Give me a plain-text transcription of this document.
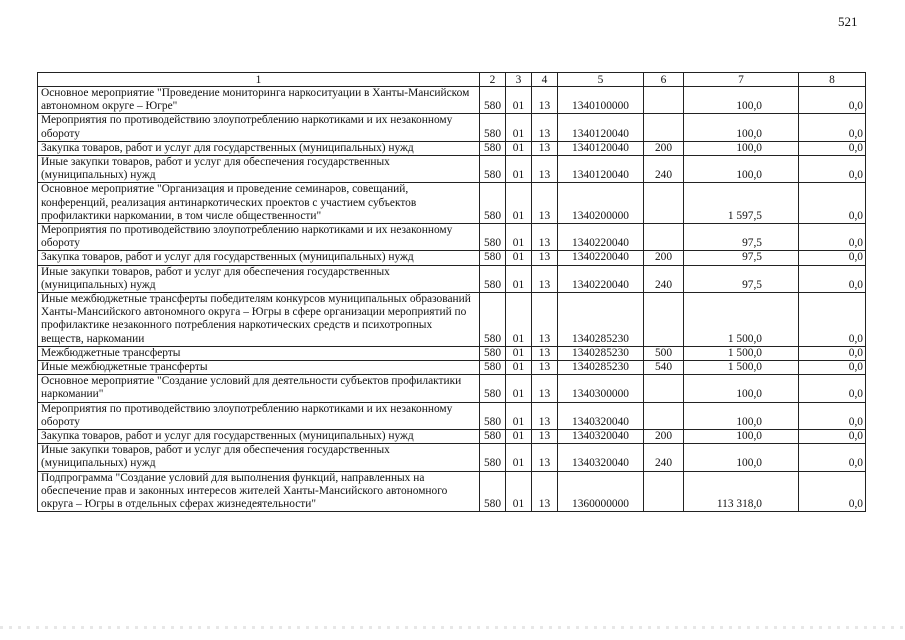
521
1	2	3	4	5	6	7	8
Основное мероприятие "Проведение мониторинга наркоситуации в Ханты-Мансийском автономном округе – Югре"	580	01	13	1340100000		100,0	0,0
Мероприятия по противодействию злоупотреблению наркотиками и их незаконному обороту	580	01	13	1340120040		100,0	0,0
Закупка товаров, работ и услуг для государственных (муниципальных) нужд	580	01	13	1340120040	200	100,0	0,0
Иные закупки товаров, работ и услуг для обеспечения государственных (муниципальных) нужд	580	01	13	1340120040	240	100,0	0,0
Основное мероприятие "Организация и проведение семинаров, совещаний, конференций, реализация антинаркотических проектов с участием субъектов профилактики наркомании, в том числе общественности"	580	01	13	1340200000		1 597,5	0,0
Мероприятия по противодействию злоупотреблению наркотиками и их незаконному обороту	580	01	13	1340220040		97,5	0,0
Закупка товаров, работ и услуг для государственных (муниципальных) нужд	580	01	13	1340220040	200	97,5	0,0
Иные закупки товаров, работ и услуг для обеспечения государственных (муниципальных) нужд	580	01	13	1340220040	240	97,5	0,0
Иные межбюджетные трансферты победителям конкурсов муниципальных образований Ханты-Мансийского автономного округа – Югры в сфере организации мероприятий по профилактике незаконного потребления наркотических средств и психотропных веществ, наркомании	580	01	13	1340285230		1 500,0	0,0
Межбюджетные трансферты	580	01	13	1340285230	500	1 500,0	0,0
Иные межбюджетные трансферты	580	01	13	1340285230	540	1 500,0	0,0
Основное мероприятие "Создание условий для деятельности субъектов профилактики наркомании"	580	01	13	1340300000		100,0	0,0
Мероприятия по противодействию злоупотреблению наркотиками и их незаконному обороту	580	01	13	1340320040		100,0	0,0
Закупка товаров, работ и услуг для государственных (муниципальных) нужд	580	01	13	1340320040	200	100,0	0,0
Иные закупки товаров, работ и услуг для обеспечения государственных (муниципальных) нужд	580	01	13	1340320040	240	100,0	0,0
Подпрограмма "Создание условий для выполнения функций, направленных на обеспечение прав и законных интересов жителей Ханты-Мансийского автономного округа – Югры в отдельных сферах жизнедеятельности"	580	01	13	1360000000		113 318,0	0,0
